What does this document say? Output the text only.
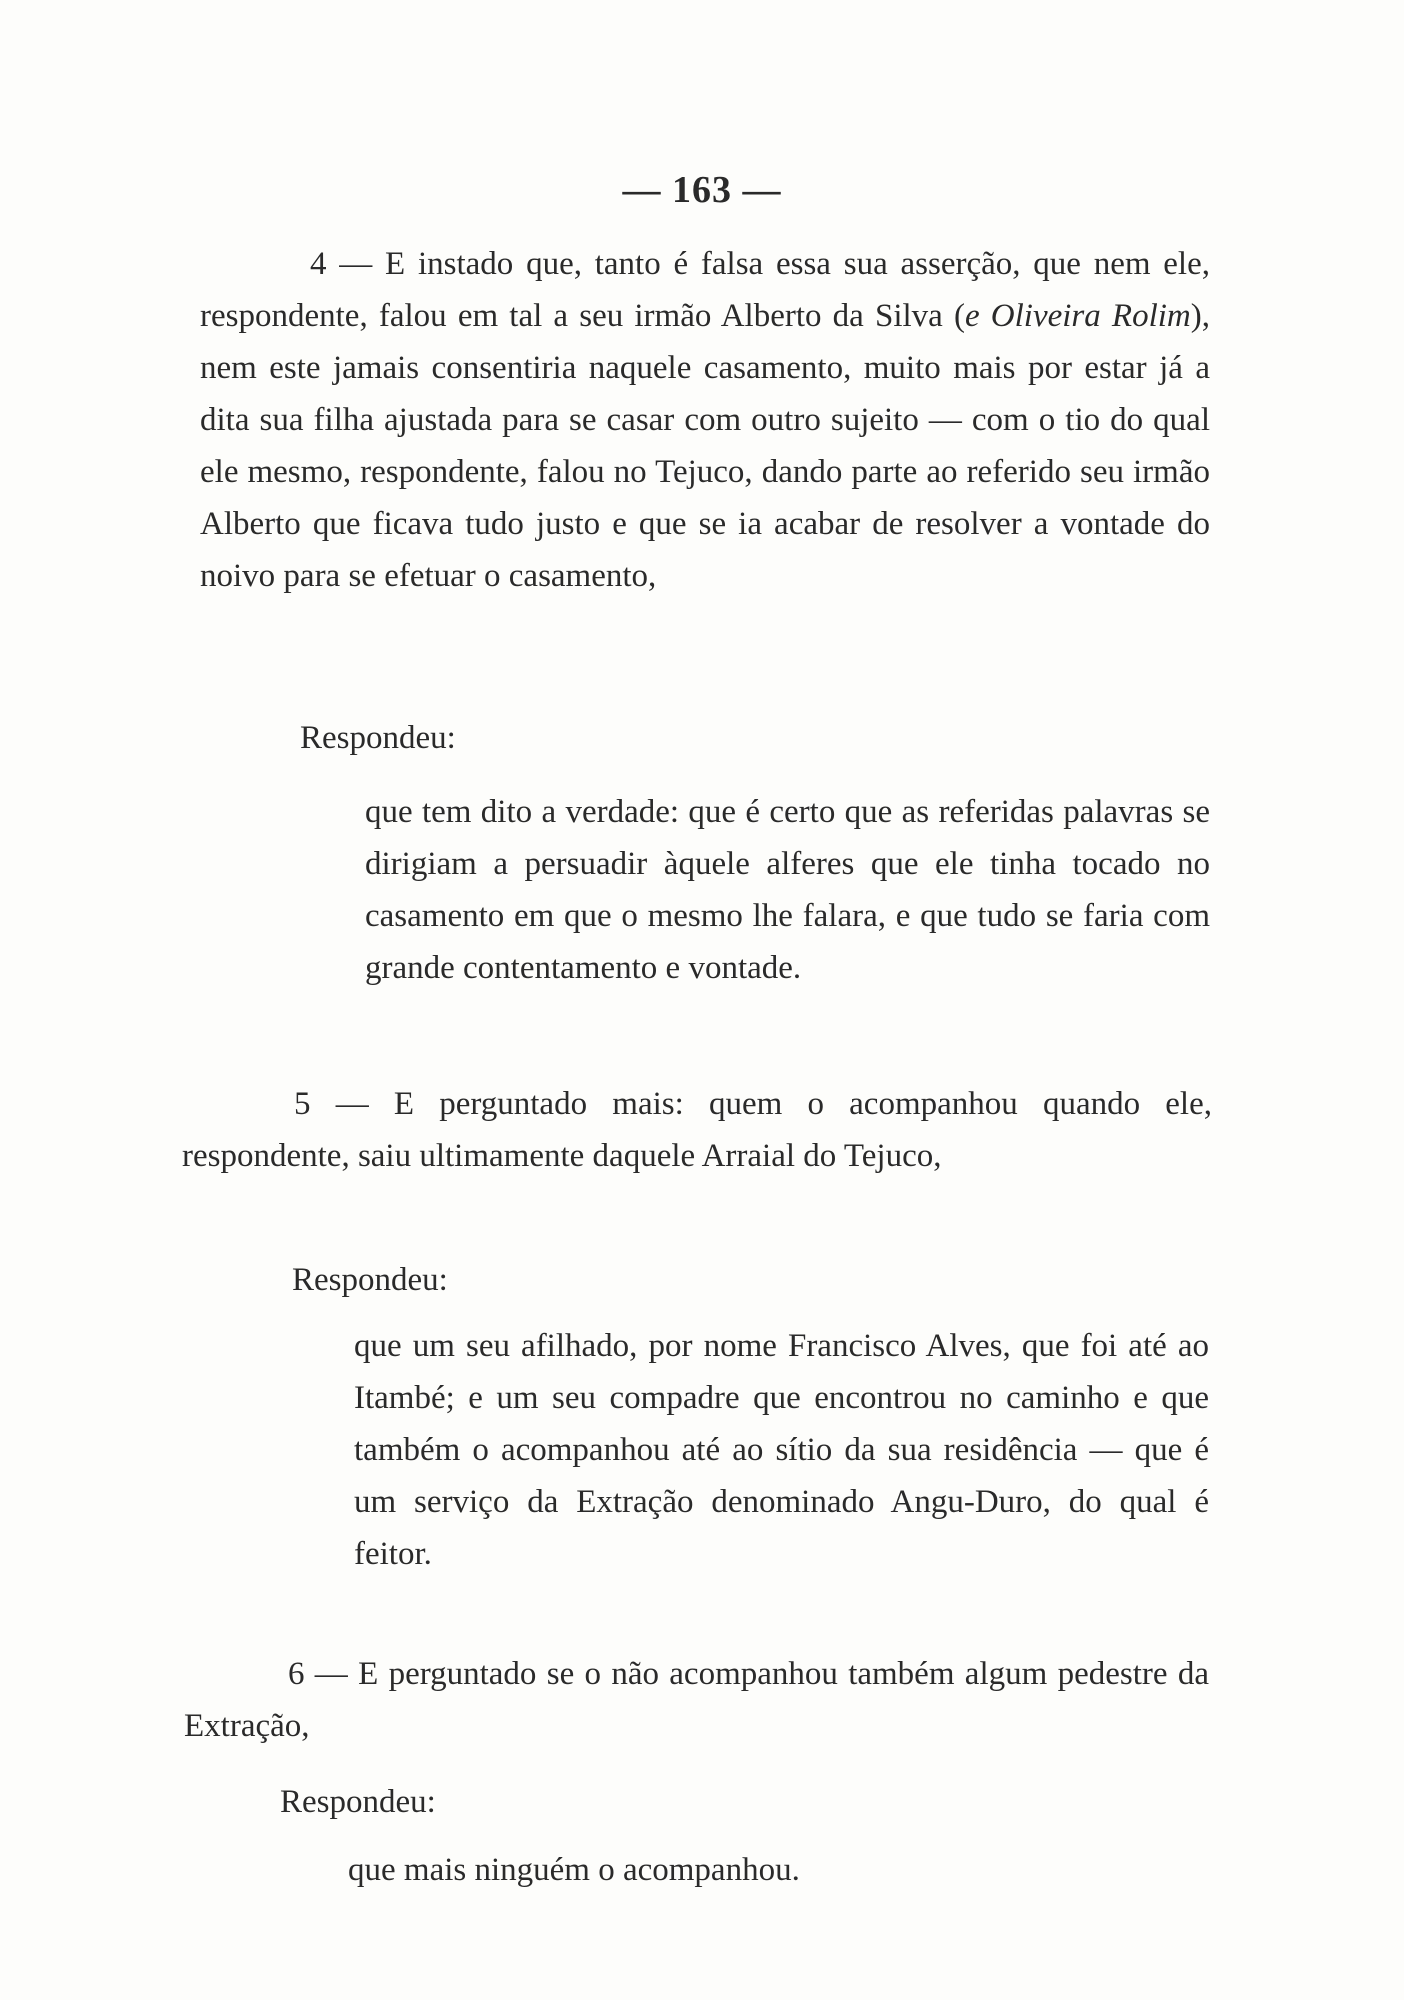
— 163 —

4 — E instado que, tanto é falsa essa sua asserção, que nem ele, respondente, falou em tal a seu irmão Alberto da Silva (e Oliveira Rolim), nem este jamais consentiria naquele casamento, muito mais por estar já a dita sua filha ajustada para se casar com outro sujeito — com o tio do qual ele mesmo, respondente, falou no Tejuco, dando parte ao referido seu irmão Alberto que ficava tudo justo e que se ia acabar de resolver a vontade do noivo para se efetuar o casamento,

Respondeu:
que tem dito a verdade: que é certo que as referidas palavras se dirigiam a persuadir àquele alferes que ele tinha tocado no casamento em que o mesmo lhe falara, e que tudo se faria com grande contentamento e vontade.

5 — E perguntado mais: quem o acompanhou quando ele, respondente, saiu ultimamente daquele Arraial do Tejuco,

Respondeu:
que um seu afilhado, por nome Francisco Alves, que foi até ao Itambé; e um seu compadre que encontrou no caminho e que também o acompanhou até ao sítio da sua residência — que é um serviço da Extração denominado Angu-Duro, do qual é feitor.

6 — E perguntado se o não acompanhou também algum pedestre da Extração,

Respondeu:
que mais ninguém o acompanhou.
